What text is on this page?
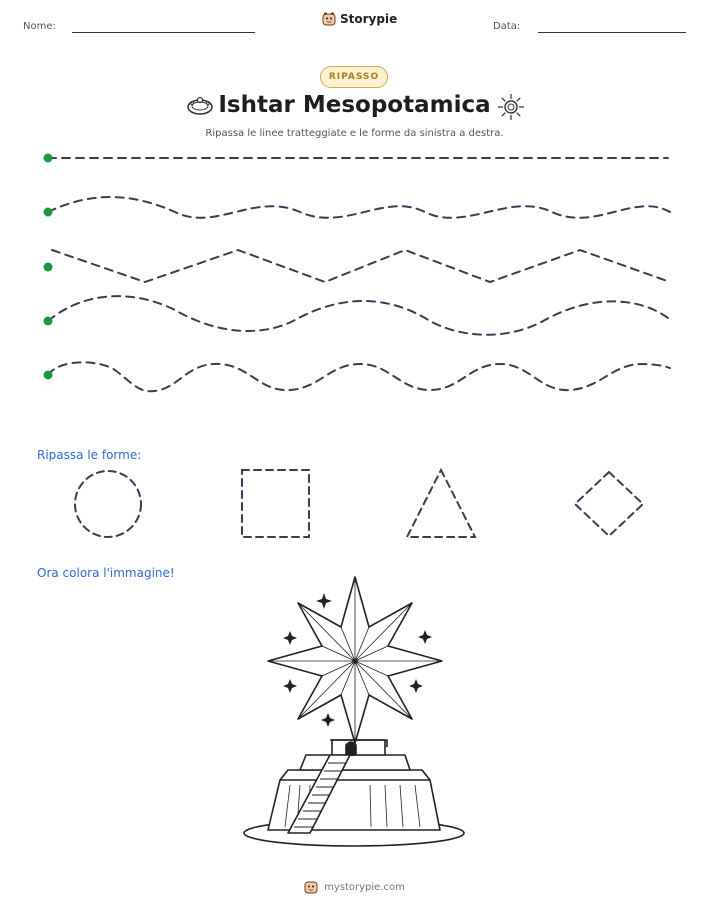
Nome:
Storypie
Data:
RIPASSO
Ishtar Mesopotamica
Ripassa le linee tratteggiate e le forme da sinistra a destra.
Ripassa le forme:
Ora colora l'immagine!
mystorypie.com
